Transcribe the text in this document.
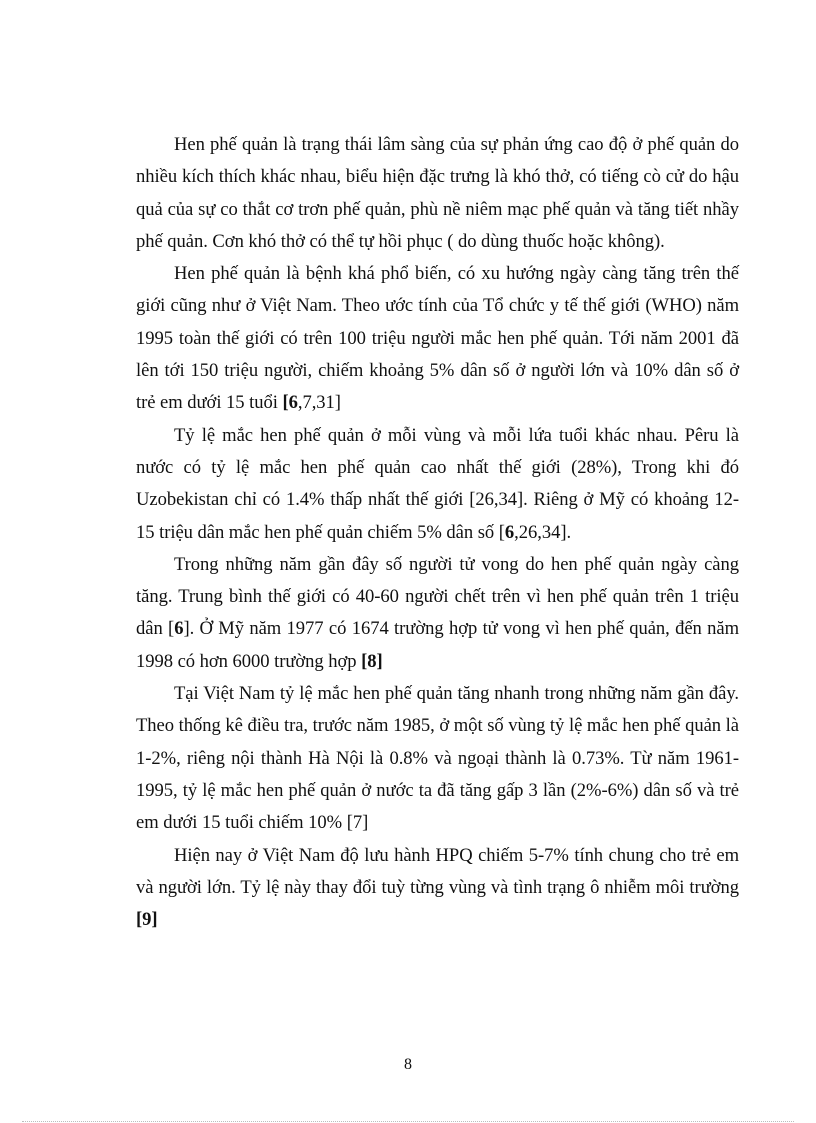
Hen phế quản là trạng thái lâm sàng của sự phản ứng cao độ ở phế quản do nhiều kích thích khác nhau, biểu hiện đặc trưng là khó thở, có tiếng cò cử do hậu quả của sự co thắt cơ trơn phế quản, phù nề niêm mạc phế quản và tăng tiết nhầy phế quản. Cơn khó thở có thể tự hồi phục ( do dùng thuốc hoặc không).

Hen phế quản là bệnh khá phổ biến, có xu hướng ngày càng tăng trên thế giới cũng như ở Việt Nam. Theo ước tính của Tổ chức y tế thế giới (WHO) năm 1995 toàn thế giới có trên 100 triệu người mắc hen phế quản. Tới năm 2001 đã lên tới 150 triệu người, chiếm khoảng 5% dân số ở người lớn và 10% dân số ở trẻ em dưới 15 tuổi [6,7,31]

Tỷ lệ mắc hen phế quản ở mỗi vùng và mỗi lứa tuổi khác nhau. Pêru là nước có tỷ lệ mắc hen phế quản cao nhất thế giới (28%), Trong khi đó Uzobekistan chỉ có 1.4% thấp nhất thế giới [26,34]. Riêng ở Mỹ có khoảng 12-15 triệu dân mắc hen phế quản chiếm 5% dân số [6,26,34].

Trong những năm gần đây số người tử vong do hen phế quản ngày càng tăng. Trung bình thế giới có 40-60 người chết trên vì hen phế quản trên 1 triệu dân [6]. Ở Mỹ năm 1977 có 1674 trường hợp tử vong vì hen phế quản, đến năm 1998 có hơn 6000 trường hợp [8]

Tại Việt Nam tỷ lệ mắc hen phế quản tăng nhanh trong những năm gần đây. Theo thống kê điều tra, trước năm 1985, ở một số vùng tỷ lệ mắc hen phế quản là 1-2%, riêng nội thành Hà Nội là 0.8% và ngoại thành là 0.73%. Từ năm 1961-1995, tỷ lệ mắc hen phế quản ở nước ta đã tăng gấp 3 lần (2%-6%) dân số và trẻ em dưới 15 tuổi chiếm 10% [7]

Hiện nay ở Việt Nam độ lưu hành HPQ chiếm 5-7% tính chung cho trẻ em và người lớn. Tỷ lệ này thay đổi tuỳ từng vùng và tình trạng ô nhiễm môi trường [9]

8
